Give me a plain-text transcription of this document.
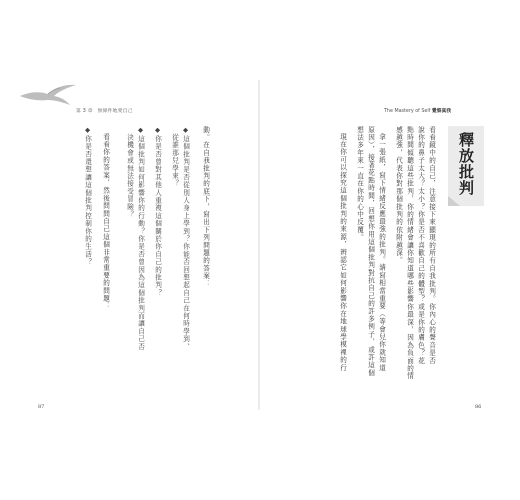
第 3 章　無條件地愛自己	The Mastery of Self 覺察真我
釋放批判
看看鏡中的自己，注意接下來顯現的所有自我批判。你內心的聲音是否
說你的鼻子太大？太小？你是否不喜歡自己的體型？或是你的膚色？花
點時間傾聽這些批判，你的情緒會讓你知道哪些影響你最深，因為負面的情
感越強，代表你對那個批判的依附越深。
拿一張紙，寫下情緒反應最強的批判。請寫相當重要（等會兒你就知道
原因），接著花點時間，回想你用這個批判對抗自己的許多例子，或許這個
想法多年來一直在你的心中反覆。
現在你可以探究這個批判的來源，辨認它如何影響你在地球學模裡的行
動。在自我批判的底下，寫出下列問題的答案：
◆這個批判是否從別人身上學到？你能否回想起自己在何時學到、
　從誰那兒學來？
◆你是否曾對其他人重複這個關於你自己的批判？
◆這個批判如何影響你的行動？你是否曾因為這個批判而讓自己否
　決機會或無法接受冒險？
看看你的答案，然後問問自己這個非常重要的問題：
◆你是否還想讓這個批判控制你的生活？
87	86
